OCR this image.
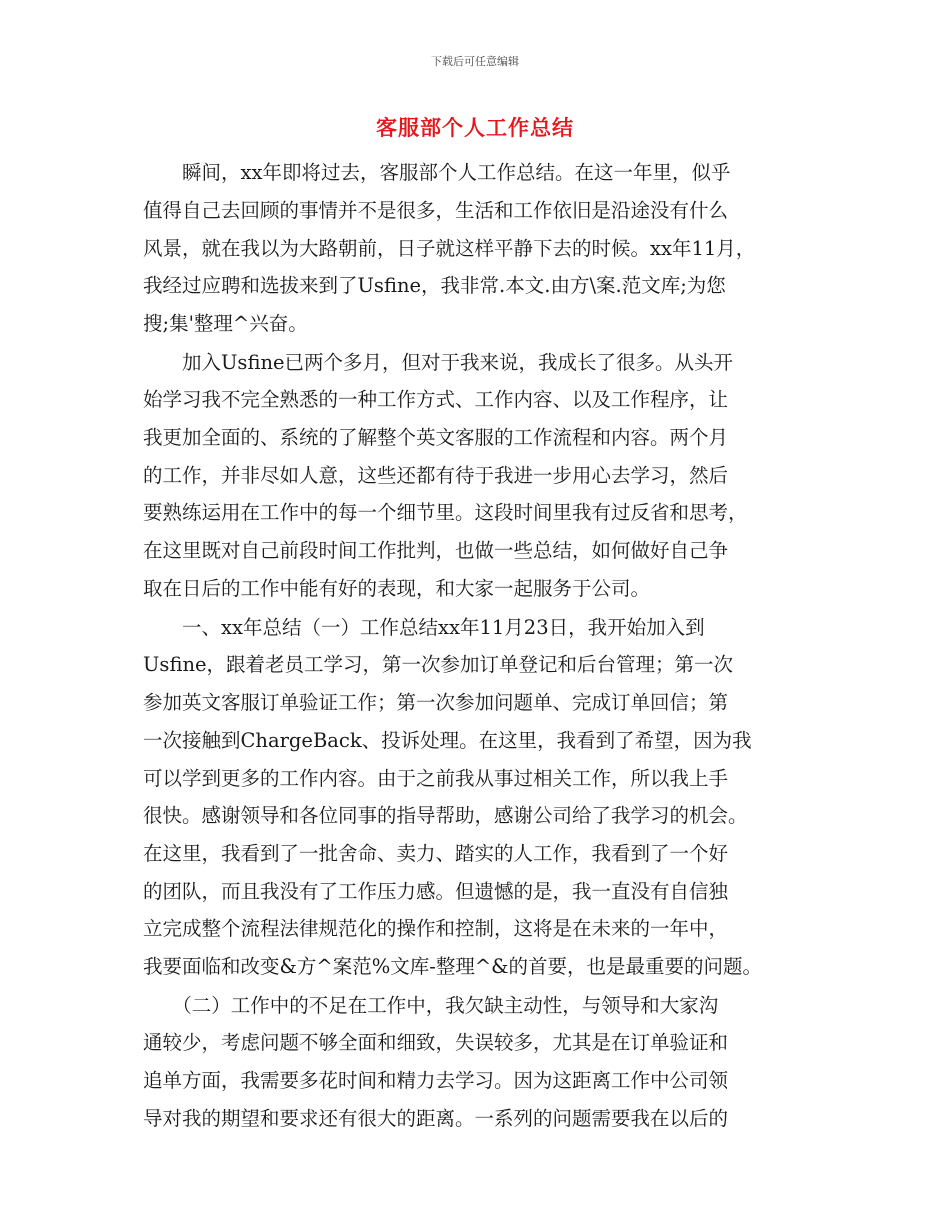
下载后可任意编辑
客服部个人工作总结
　　瞬间，xx年即将过去，客服部个人工作总结。在这一年里，似乎
值得自己去回顾的事情并不是很多，生活和工作依旧是沿途没有什么
风景，就在我以为大路朝前，日子就这样平静下去的时候。xx年11月，
我经过应聘和选拔来到了Usfine，我非常.本文.由方\案.范文库;为您
搜;集'整理^兴奋。
　　加入Usfine已两个多月，但对于我来说，我成长了很多。从头开
始学习我不完全熟悉的一种工作方式、工作内容、以及工作程序，让
我更加全面的、系统的了解整个英文客服的工作流程和内容。两个月
的工作，并非尽如人意，这些还都有待于我进一步用心去学习，然后
要熟练运用在工作中的每一个细节里。这段时间里我有过反省和思考，
在这里既对自己前段时间工作批判，也做一些总结，如何做好自己争
取在日后的工作中能有好的表现，和大家一起服务于公司。
　　一、xx年总结（一）工作总结xx年11月23日，我开始加入到
Usfine，跟着老员工学习，第一次参加订单登记和后台管理；第一次
参加英文客服订单验证工作；第一次参加问题单、完成订单回信；第
一次接触到ChargeBack、投诉处理。在这里，我看到了希望，因为我
可以学到更多的工作内容。由于之前我从事过相关工作，所以我上手
很快。感谢领导和各位同事的指导帮助，感谢公司给了我学习的机会。
在这里，我看到了一批舍命、卖力、踏实的人工作，我看到了一个好
的团队，而且我没有了工作压力感。但遗憾的是，我一直没有自信独
立完成整个流程法律规范化的操作和控制，这将是在未来的一年中，
我要面临和改变&方^案范%文库-整理^&的首要，也是最重要的问题。
　　（二）工作中的不足在工作中，我欠缺主动性，与领导和大家沟
通较少，考虑问题不够全面和细致，失误较多，尤其是在订单验证和
追单方面，我需要多花时间和精力去学习。因为这距离工作中公司领
导对我的期望和要求还有很大的距离。一系列的问题需要我在以后的
